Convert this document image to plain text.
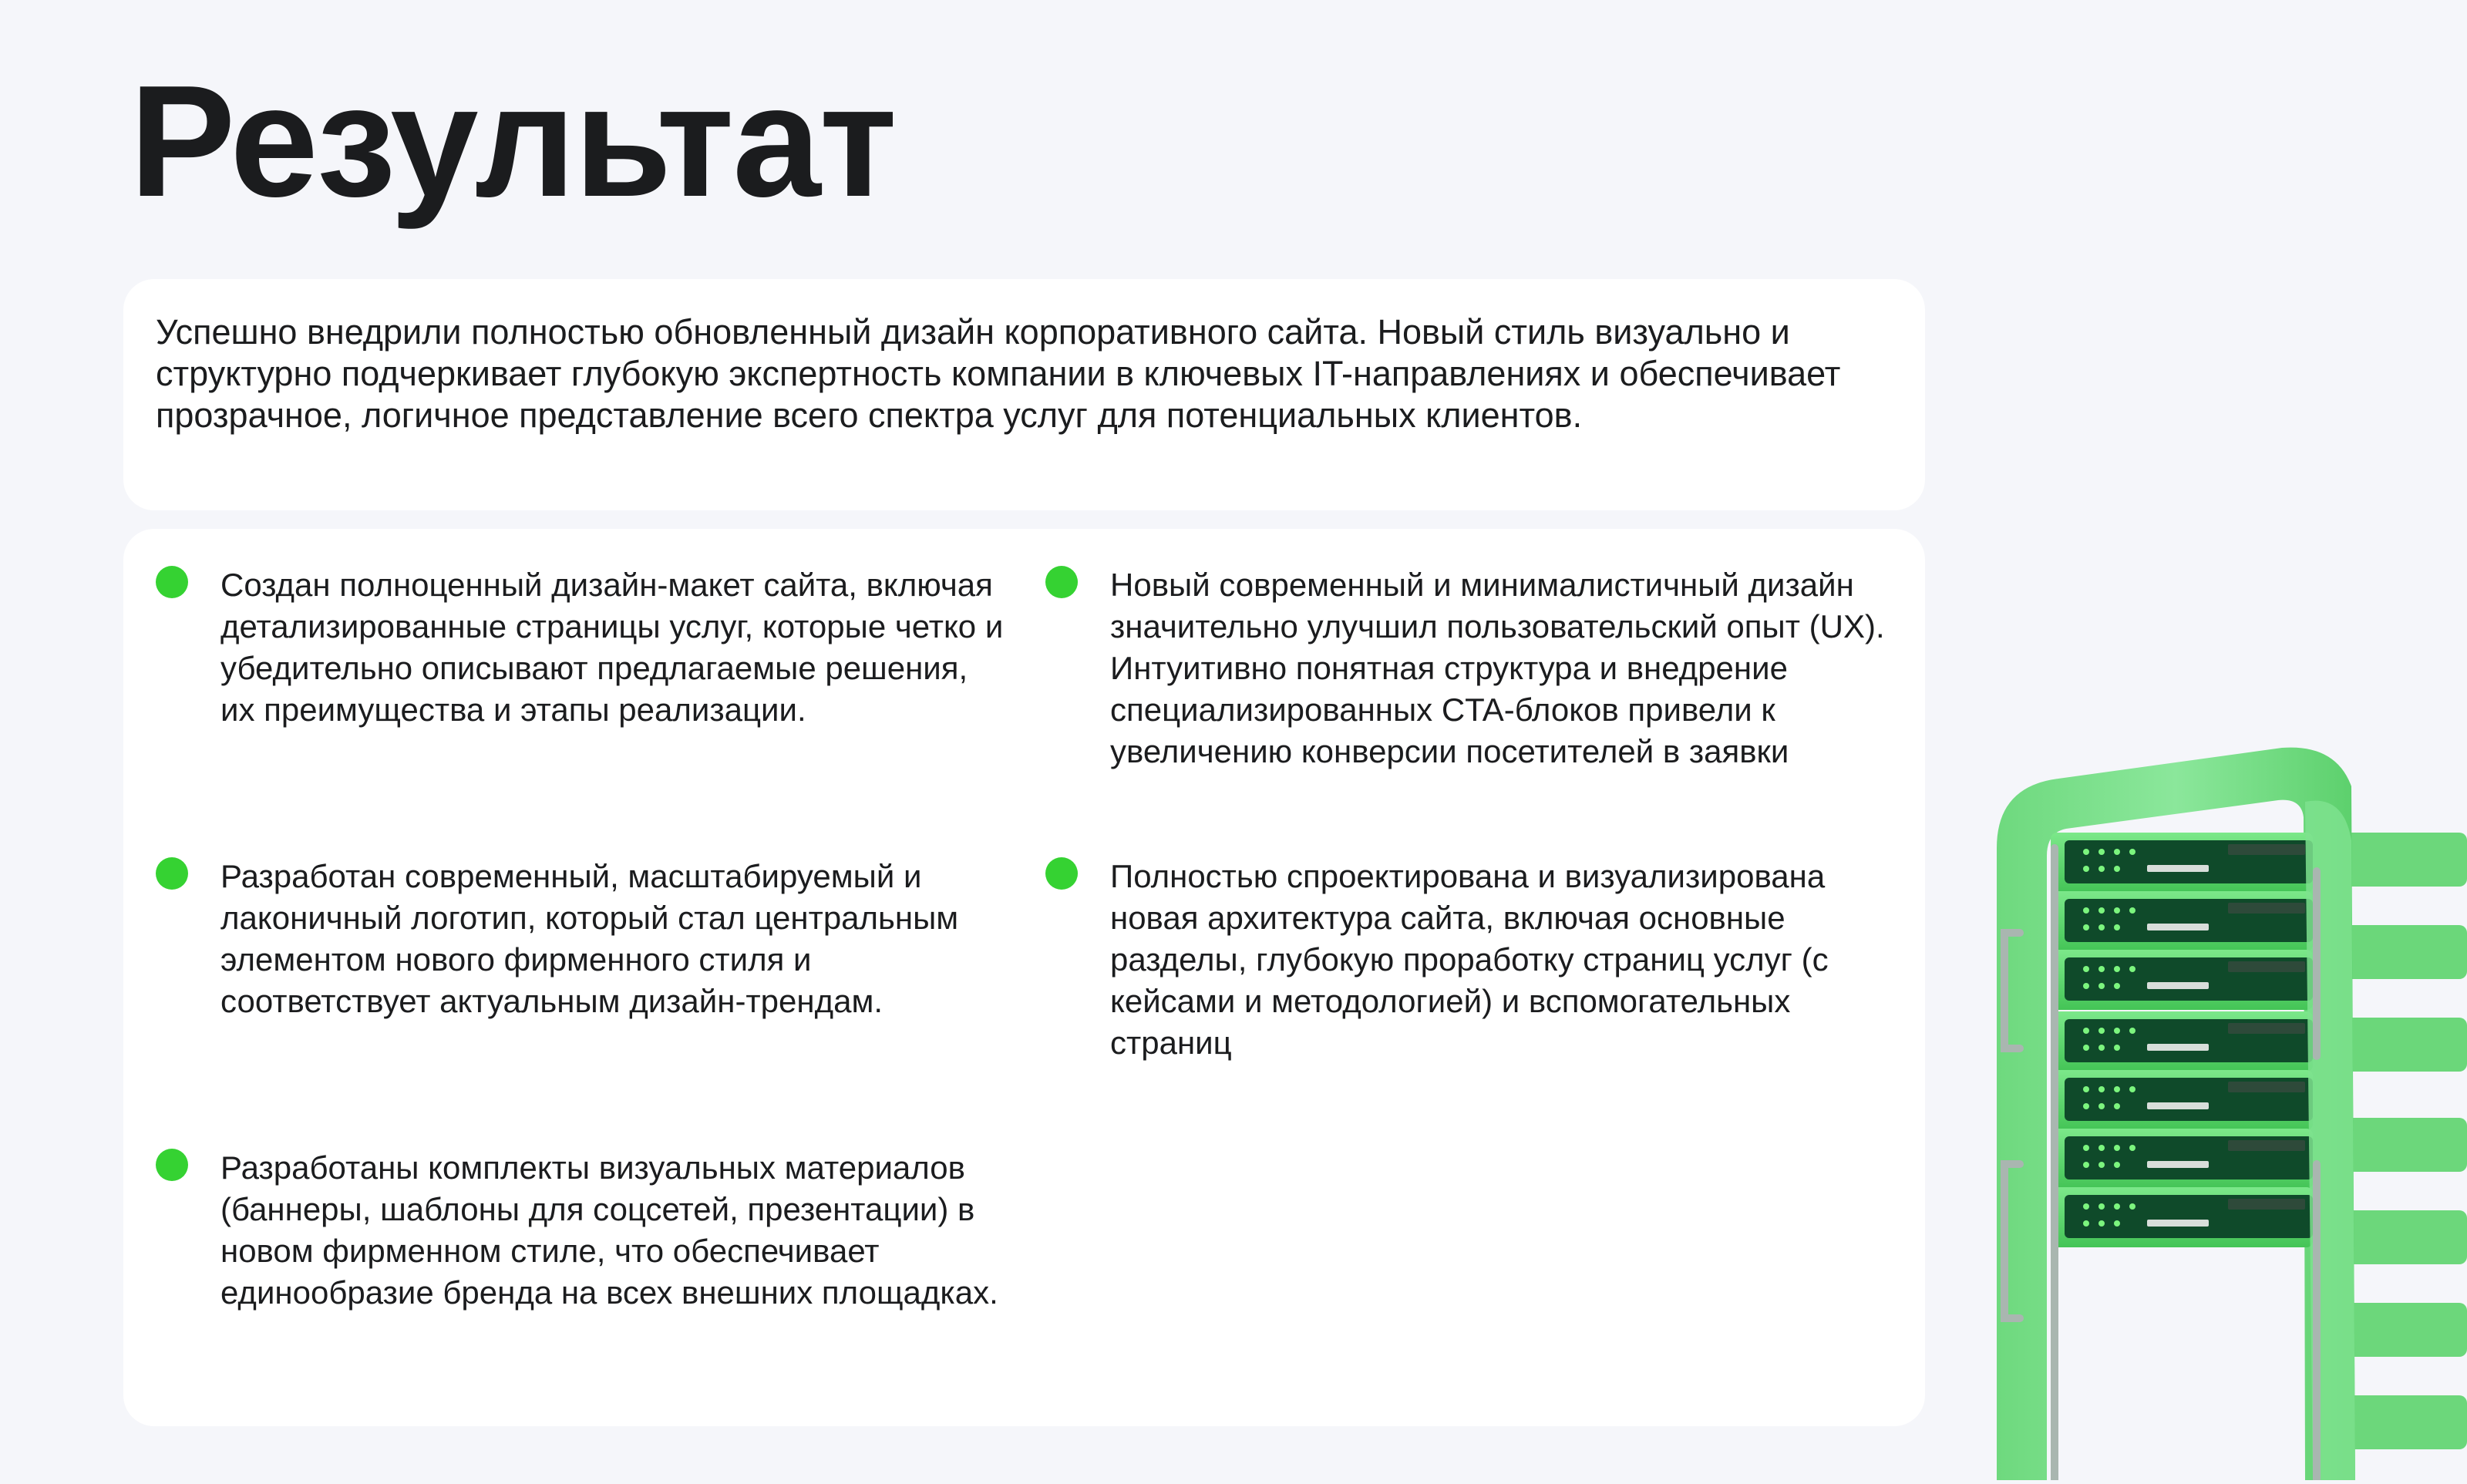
Результат
Успешно внедрили полностью обновленный дизайн корпоративного сайта. Новый стиль визуально и структурно подчеркивает глубокую экспертность компании в ключевых IT-направлениях и обеспечивает прозрачное, логичное представление всего спектра услуг для потенциальных клиентов.
Создан полноценный дизайн-макет сайта, включая детализированные страницы услуг, которые четко и убедительно описывают предлагаемые решения, их преимущества и этапы реализации.
Разработан современный, масштабируемый и лаконичный логотип, который стал центральным элементом нового фирменного стиля и соответствует актуальным дизайн-трендам.
Разработаны комплекты визуальных материалов (баннеры, шаблоны для соцсетей, презентации) в новом фирменном стиле, что обеспечивает единообразие бренда на всех внешних площадках.
Новый современный и минималистичный дизайн значительно улучшил пользовательский опыт (UX). Интуитивно понятная структура и внедрение специализированных CTA-блоков привели к увеличению конверсии посетителей в заявки
Полностью спроектирована и визуализирована новая архитектура сайта, включая основные разделы, глубокую проработку страниц услуг (с кейсами и методологией) и вспомогательных страниц
